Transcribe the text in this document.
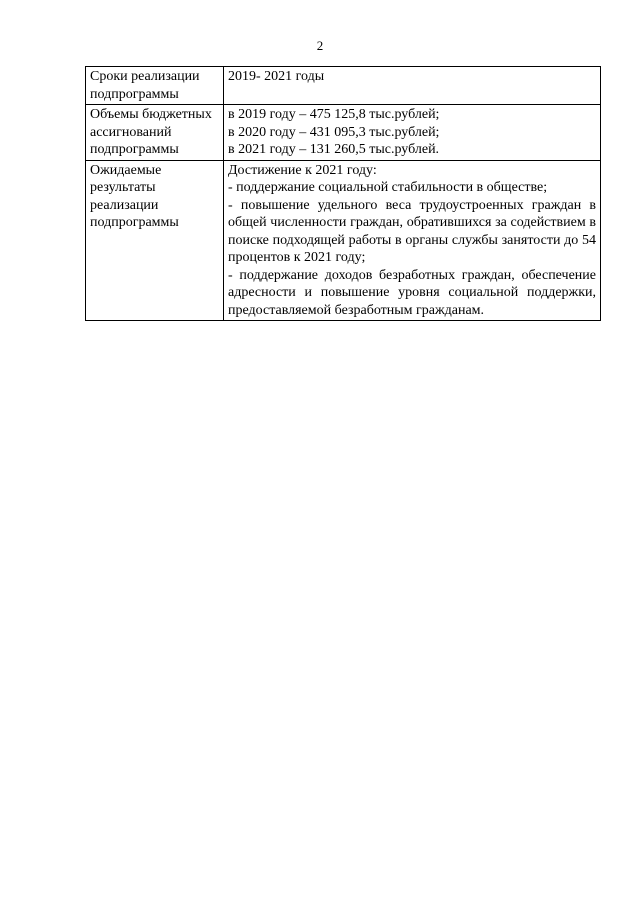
2
Сроки реализации подпрограммы	2019- 2021 годы

Объемы бюджетных ассигнований подпрограммы	в 2019 году – 475 125,8 тыс.рублей;
в 2020 году – 431 095,3 тыс.рублей;
в 2021 году – 131 260,5 тыс.рублей.

Ожидаемые результаты реализации подпрограммы	Достижение к 2021 году:
- поддержание социальной стабильности в обществе;
- повышение удельного веса трудоустроенных граждан в общей численности граждан, обратившихся за содействием в поиске подходящей работы в органы службы занятости до 54 процентов к 2021 году;
- поддержание доходов безработных граждан, обеспечение адресности и повышение уровня социальной поддержки, предоставляемой безработным гражданам.
